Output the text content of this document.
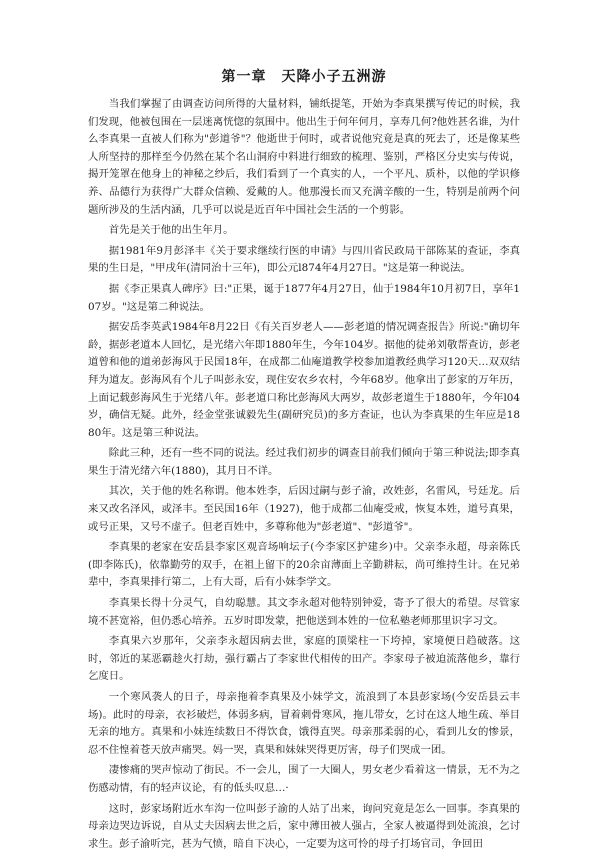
第一章　天降小子五洲游

当我们掌握了由调查访问所得的大量材料，铺纸提笔，开始为李真果撰写传记的时候，我们发现，他被包围在一层迷离恍惚的氛围中。他出生于何年何月，享寿几何?他姓甚名谁，为什么李真果一直被人们称为"彭道爷"？他逝世于何时，或者说他究竟是真的死去了，还是像某些人所坚持的那样至今仍然在某个名山洞府中料进行细致的梳理、鉴别，严格区分史实与传说，揭开笼罩在他身上的神秘之纱后，我们看到了一个真实的人，一个平凡、质朴，以他的学识修养、品德行为获得广大群众信赖、爱戴的人。他那漫长而又充满辛酸的一生，特别是前两个问题所涉及的生活内涵，几乎可以说是近百年中国社会生活的一个剪影。

首先是关于他的出生年月。

据1981年9月彭泽丰《关于要求继续行医的申请》与四川省民政局干部陈某的查证，李真果的生日是，"甲戌年(清同治十三年)，即公元l874年4月27日。"这是第一种说法。

据《李正果真人碑序》曰:"正果，诞于1877年4月27日，仙于1984年10月初7日，享年107岁。"这是第二种说法。

据安岳李英武1984年8月22日《有关百岁老人——彭老道的情况调查报告》所说:"确切年龄，据彭老道本人回忆，是光绪六年即1880年生，今年104岁。据他的徒弟刘敬帮查访，彭老道曾和他的道弟彭海风于民国18年，在成都二仙庵道教学校参加道教经典学习120天…双双结拜为道友。彭海风有个儿子叫彭永安，现住安农乡农村，今年68岁。他拿出了彭家的万年历，上面记载彭海风生于光绪八年。彭老道口称比彭海风大两岁，故彭老道生于1880年，今年l04岁，确信无疑。此外，经金堂张诚毅先生(副研究员)的多方查证，也认为李真果的生年应是1880年。这是第三种说法。

除此三种，还有一些不同的说法。经过我们初步的调查目前我们倾向于第三种说法;即李真果生于清光绪六年(1880)，其月日不详。

其次，关于他的姓名称谓。他本姓李，后因过嗣与彭子渝，改姓彭，名雷风，号廷龙。后来又改名泽风，或泽丰。至民国16年（1927)，他于成都二仙庵受戒，恢复本姓，道号真果，或号正果，又号不虚子。但老百姓中，多尊称他为"彭老道"、"彭道爷"。

李真果的老家在安岳县李家区观音场响坛子(今李家区护建乡)中。父亲李永超，母亲陈氏(即李陈氏)，依靠勤劳的双手，在祖上留下的20余亩薄面上辛勤耕耘，尚可维持生计。在兄弟辈中，李真果排行第二，上有大哥，后有小妹李学文。

李真果长得十分灵气，自幼聪慧。其文李永超对他特别钟爱，寄予了很大的希望。尽管家境不甚宽裕，但仍悉心培养。五岁时即发蒙，把他送到本姓的一位私塾老师那里识字习文。

李真果六岁那年，父亲李永超因病去世，家庭的顶梁柱一下垮掉，家境便日趋破落。这时，邻近的某恶霸趁火打劫，强行霸占了李家世代相传的田产。李家母子被迫流落他乡，靠行乞度日。

一个寒风袭人的日子，母亲拖着李真果及小妹学文，流浪到了本县彭家场(今安岳县云丰场)。此时的母亲，衣衫破烂，体弱多病，冒着刺骨寒风，拖儿带女，乞讨在这人地生疏、举目无亲的地方。真果和小妹连续数日不得饮食，饿得直哭。母亲那柔弱的心，看到儿女的惨景，忍不住惶着苍天放声痛哭。妈一哭，真果和妹妹哭得更厉害，母子们哭成一团。

凄惨痛的哭声惊动了街民。不一会儿，围了一大圈人，男女老少看着这一情景，无不为之伤感动情，有的轻声议论，有的低头叹息…·

这时，彭家场附近水车沟一位叫彭子渝的人站了出来，询问究竟是怎么一回事。李真果的母亲边哭边诉说，自从丈夫因病去世之后，家中薄田被人强占，全家人被逼得到处流浪，乞讨求生。彭子渝听完，甚为气愤，暗自下决心，一定要为这可怜的母子打场官司，争回田
